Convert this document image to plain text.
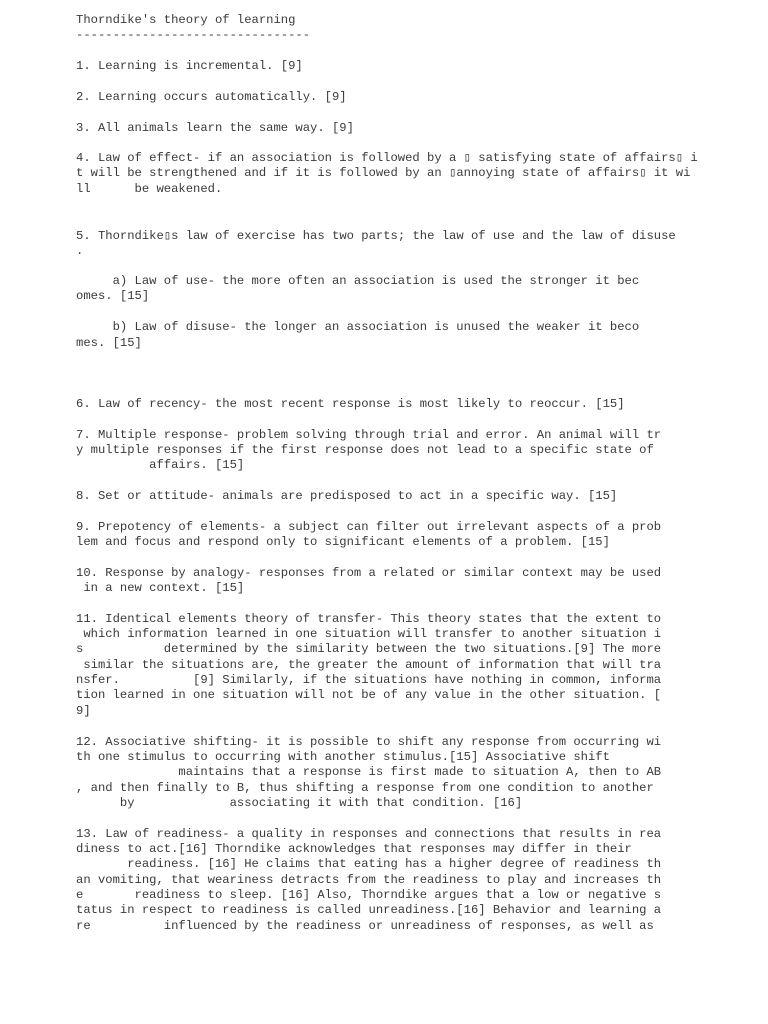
Thorndike's theory of learning

--------------------------------

1. Learning is incremental. [9]

2. Learning occurs automatically. [9]

3. All animals learn the same way. [9]

4. Law of effect- if an association is followed by a ▯ satisfying state of affairs▯ i

t will be strengthened and if it is followed by an ▯annoying state of affairs▯ it wi

ll      be weakened.

5. Thorndike▯s law of exercise has two parts; the law of use and the law of disuse

.

a) Law of use- the more often an association is used the stronger it bec

omes. [15]

b) Law of disuse- the longer an association is unused the weaker it beco

mes. [15]

6. Law of recency- the most recent response is most likely to reoccur. [15]

7. Multiple response- problem solving through trial and error. An animal will tr

y multiple responses if the first response does not lead to a specific state of

affairs. [15]

8. Set or attitude- animals are predisposed to act in a specific way. [15]

9. Prepotency of elements- a subject can filter out irrelevant aspects of a prob

lem and focus and respond only to significant elements of a problem. [15]

10. Response by analogy- responses from a related or similar context may be used

in a new context. [15]

11. Identical elements theory of transfer- This theory states that the extent to

which information learned in one situation will transfer to another situation i

s           determined by the similarity between the two situations.[9] The more

similar the situations are, the greater the amount of information that will tra

nsfer.          [9] Similarly, if the situations have nothing in common, informa

tion learned in one situation will not be of any value in the other situation. [

9]

12. Associative shifting- it is possible to shift any response from occurring wi

th one stimulus to occurring with another stimulus.[15] Associative shift

maintains that a response is first made to situation A, then to AB

, and then finally to B, thus shifting a response from one condition to another

by             associating it with that condition. [16]

13. Law of readiness- a quality in responses and connections that results in rea

diness to act.[16] Thorndike acknowledges that responses may differ in their

readiness. [16] He claims that eating has a higher degree of readiness th

an vomiting, that weariness detracts from the readiness to play and increases th

e       readiness to sleep. [16] Also, Thorndike argues that a low or negative s

tatus in respect to readiness is called unreadiness.[16] Behavior and learning a

re          influenced by the readiness or unreadiness of responses, as well as
